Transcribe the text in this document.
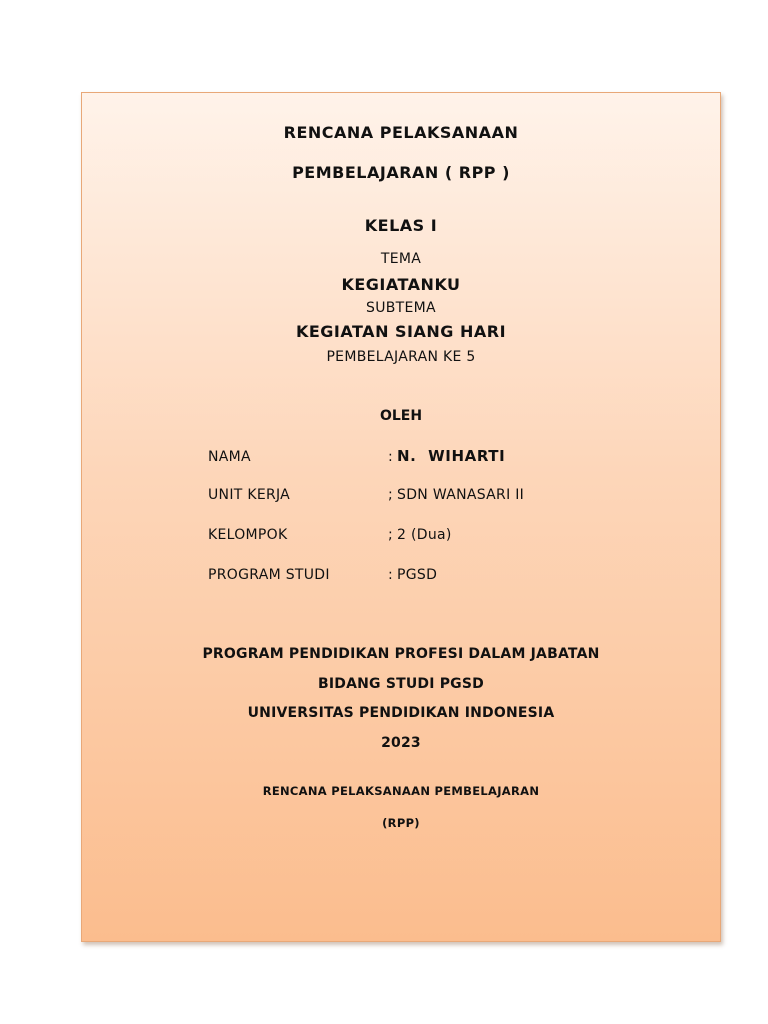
RENCANA PELAKSANAAN
PEMBELAJARAN ( RPP )
KELAS I
TEMA
KEGIATANKU
SUBTEMA
KEGIATAN SIANG HARI
PEMBELAJARAN KE 5
OLEH
NAMA	: N.  WIHARTI
UNIT KERJA	; SDN WANASARI II
KELOMPOK	; 2 (Dua)
PROGRAM STUDI	: PGSD
PROGRAM PENDIDIKAN PROFESI DALAM JABATAN
BIDANG STUDI PGSD
UNIVERSITAS PENDIDIKAN INDONESIA
2023
RENCANA PELAKSANAAN PEMBELAJARAN
(RPP)
